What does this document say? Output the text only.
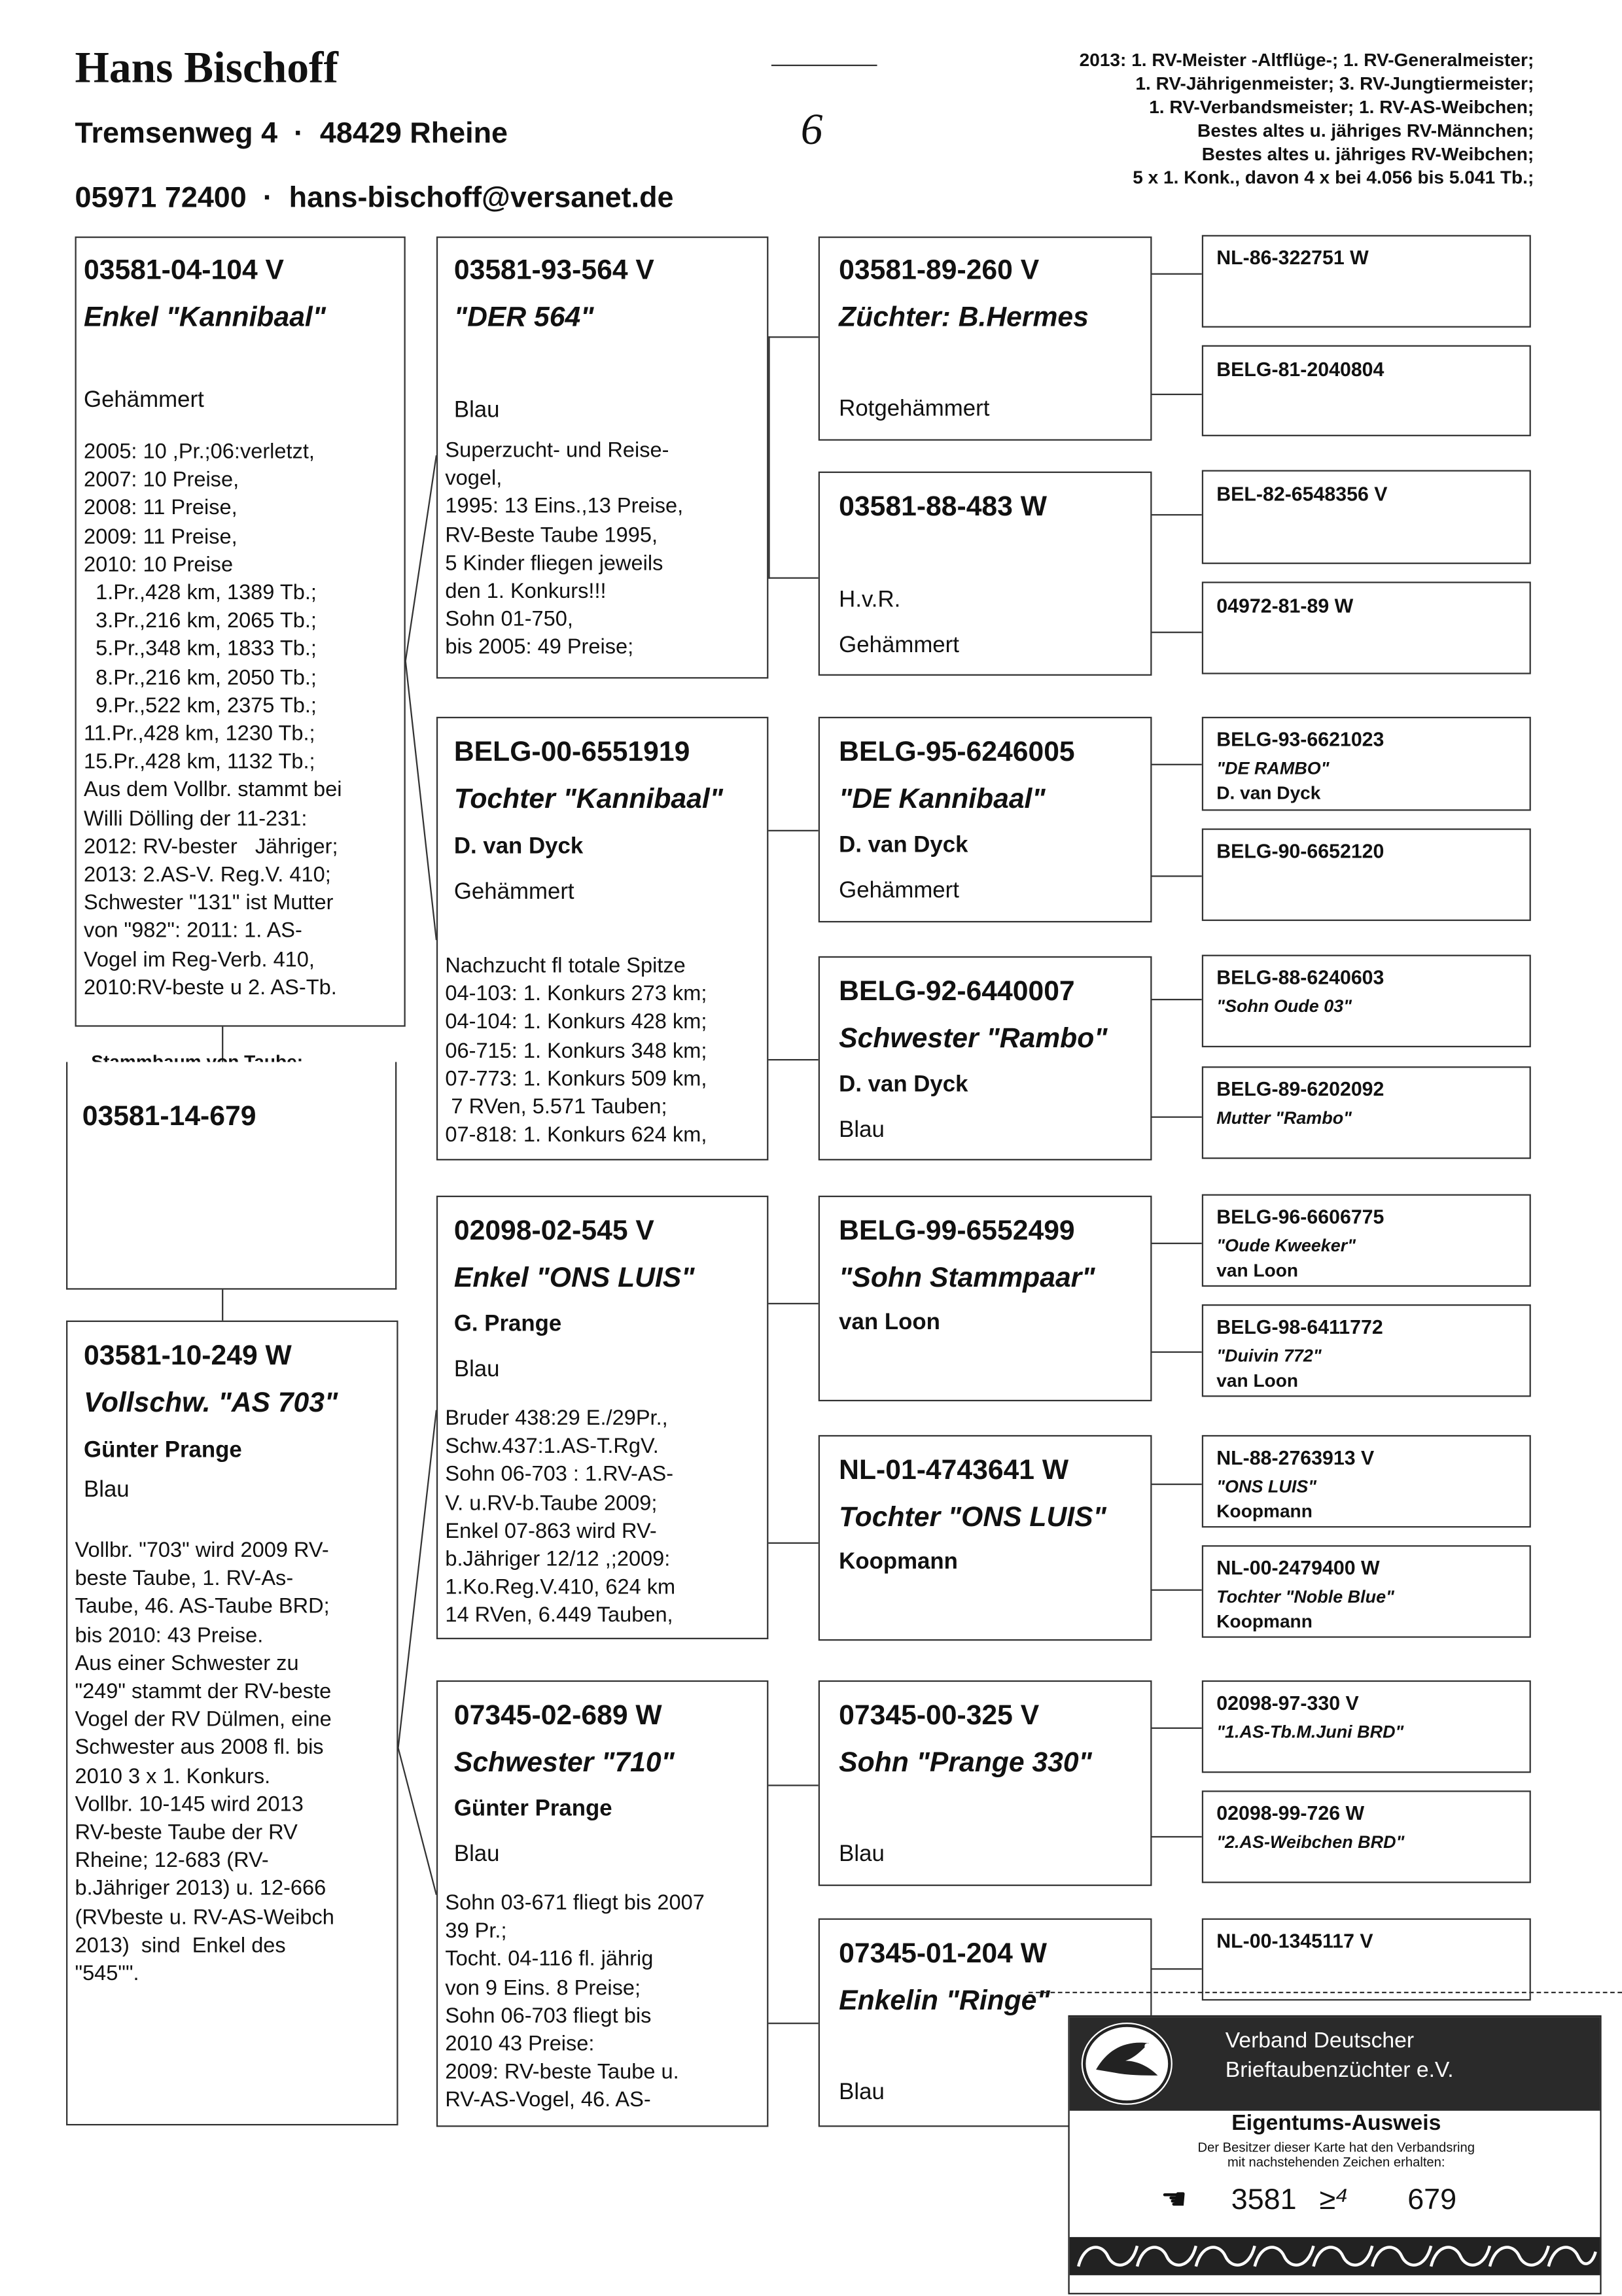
Hans Bischoff
Tremsenweg 4  ·  48429 Rheine
05971 72400  ·  hans-bischoff@versanet.de
6
2013: 1. RV-Meister -Altflüge-; 1. RV-Generalmeister;
1. RV-Jährigenmeister; 3. RV-Jungtiermeister;
1. RV-Verbandsmeister; 1. RV-AS-Weibchen;
Bestes altes u. jähriges RV-Männchen;
Bestes altes u. jähriges RV-Weibchen;
5 x 1. Konk., davon 4 x bei 4.056 bis 5.041 Tb.;
03581-04-104 V
Enkel "Kannibaal"
Gehämmert
2005: 10 ,Pr.;06:verletzt,
2007: 10 Preise,
2008: 11 Preise,
2009: 11 Preise,
2010: 10 Preise
1.Pr.,428 km, 1389 Tb.;
3.Pr.,216 km, 2065 Tb.;
5.Pr.,348 km, 1833 Tb.;
8.Pr.,216 km, 2050 Tb.;
9.Pr.,522 km, 2375 Tb.;
11.Pr.,428 km, 1230 Tb.;
15.Pr.,428 km, 1132 Tb.;
Aus dem Vollbr. stammt bei
Willi Dölling der 11-231:
2012: RV-bester   Jähriger;
2013: 2.AS-V. Reg.V. 410;
Schwester "131" ist Mutter
von "982": 2011: 1. AS-
Vogel im Reg-Verb. 410,
2010:RV-beste u 2. AS-Tb.
03581-14-679
03581-10-249 W
Vollschw. "AS 703"
Günter Prange
Blau
Vollbr. "703" wird 2009 RV-
beste Taube, 1. RV-As-
Taube, 46. AS-Taube BRD;
bis 2010: 43 Preise.
Aus einer Schwester zu
"249" stammt der RV-beste
Vogel der RV Dülmen, eine
Schwester aus 2008 fl. bis
2010 3 x 1. Konkurs.
Vollbr. 10-145 wird 2013
RV-beste Taube der RV
Rheine; 12-683 (RV-
b.Jähriger 2013) u. 12-666
(RVbeste u. RV-AS-Weibch
2013)  sind  Enkel des
"545"".
03581-93-564 V
"DER 564"
Blau
Superzucht- und Reise-
vogel,
1995: 13 Eins.,13 Preise,
RV-Beste Taube 1995,
5 Kinder fliegen jeweils
den 1. Konkurs!!!
Sohn 01-750,
bis 2005: 49 Preise;
BELG-00-6551919
Tochter "Kannibaal"
D. van Dyck
Gehämmert
Nachzucht fl totale Spitze
04-103: 1. Konkurs 273 km;
04-104: 1. Konkurs 428 km;
06-715: 1. Konkurs 348 km;
07-773: 1. Konkurs 509 km,
7 RVen, 5.571 Tauben;
07-818: 1. Konkurs 624 km,
02098-02-545 V
Enkel "ONS LUIS"
G. Prange
Blau
Bruder 438:29 E./29Pr.,
Schw.437:1.AS-T.RgV.
Sohn 06-703 : 1.RV-AS-
V. u.RV-b.Taube 2009;
Enkel 07-863 wird RV-
b.Jähriger 12/12 ,;2009:
1.Ko.Reg.V.410, 624 km
14 RVen, 6.449 Tauben,
07345-02-689 W
Schwester "710"
Günter Prange
Blau
Sohn 03-671 fliegt bis 2007
39 Pr.;
Tocht. 04-116 fl. jährig
von 9 Eins. 8 Preise;
Sohn 06-703 fliegt bis
2010 43 Preise:
2009: RV-beste Taube u.
RV-AS-Vogel, 46. AS-
03581-89-260 V
Züchter: B.Hermes
Rotgehämmert
03581-88-483 W
H.v.R.
Gehämmert
BELG-95-6246005
"DE Kannibaal"
D. van Dyck
Gehämmert
BELG-92-6440007
Schwester "Rambo"
D. van Dyck
Blau
BELG-99-6552499
"Sohn Stammpaar"
van Loon
NL-01-4743641 W
Tochter "ONS LUIS"
Koopmann
07345-00-325 V
Sohn "Prange 330"
Blau
07345-01-204 W
Enkelin "Ringe"
Blau
NL-86-322751 W
BELG-81-2040804
BEL-82-6548356 V
04972-81-89 W
BELG-93-6621023
"DE RAMBO"
D. van Dyck
BELG-90-6652120
BELG-88-6240603
"Sohn Oude 03"
BELG-89-6202092
Mutter "Rambo"
BELG-96-6606775
"Oude Kweeker"
van Loon
BELG-98-6411772
"Duivin 772"
van Loon
NL-88-2763913 V
"ONS LUIS"
Koopmann
NL-00-2479400 W
Tochter "Noble Blue"
Koopmann
02098-97-330 V
"1.AS-Tb.M.Juni BRD"
02098-99-726 W
"2.AS-Weibchen BRD"
NL-00-1345117 V
Verband Deutscher
Brieftaubenzüchter e.V.
Eigentums-Ausweis
Der Besitzer dieser Karte hat den Verbandsring
mit nachstehenden Zeichen erhalten:
☚	3581 ≥⁴	679
